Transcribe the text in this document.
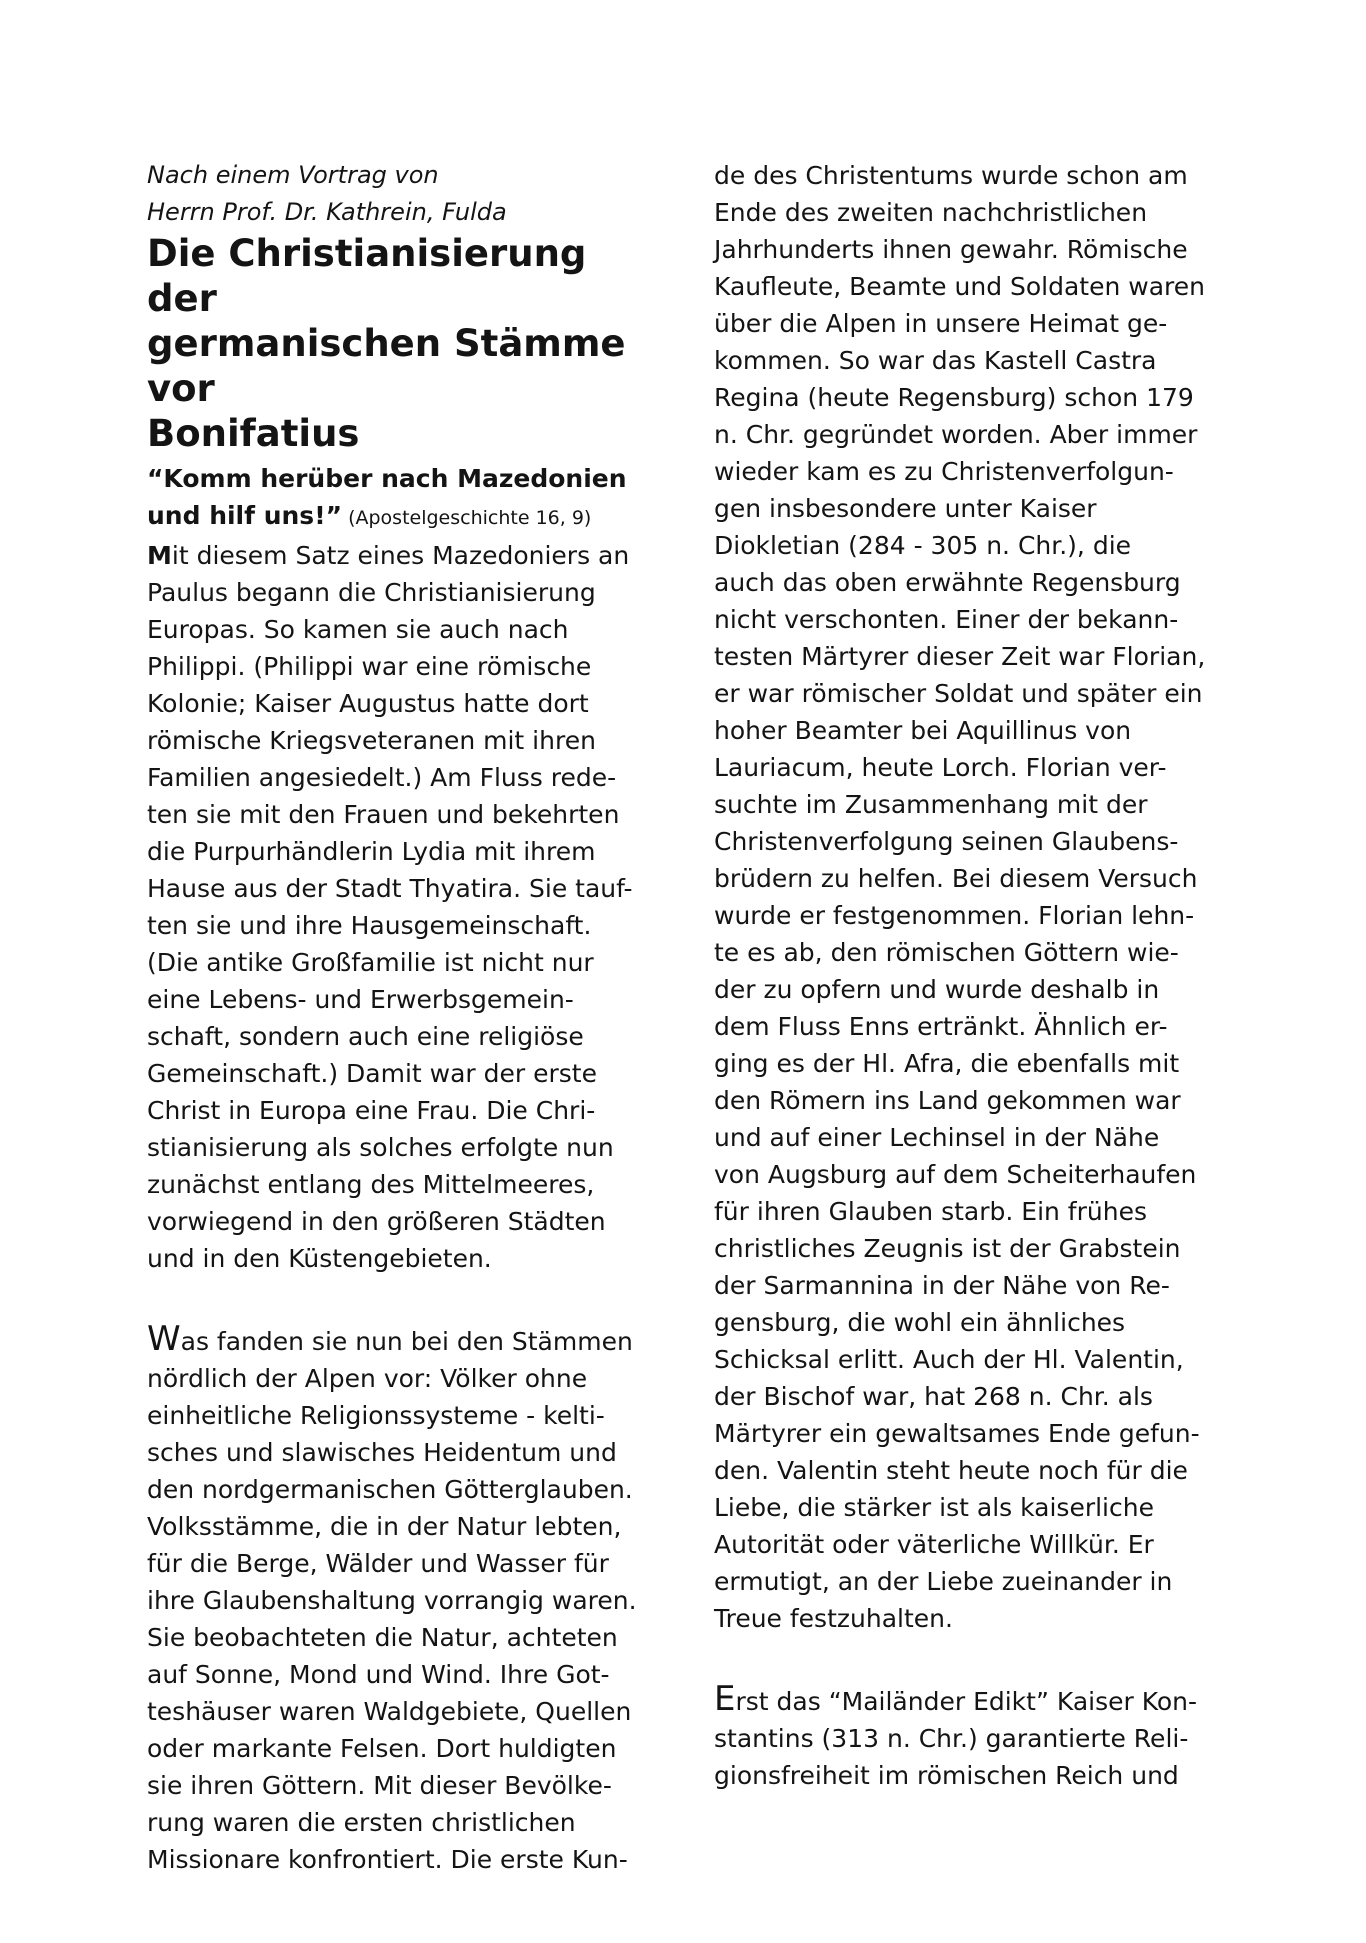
Nach einem Vortrag von
Herrn Prof. Dr. Kathrein, Fulda

Die Christianisierung der
germanischen Stämme vor
Bonifatius

“Komm herüber nach Mazedonien
und hilf uns!” (Apostelgeschichte 16, 9)
Mit diesem Satz eines Mazedoniers an
Paulus begann die Christianisierung
Europas. So kamen sie auch nach
Philippi. (Philippi war eine römische
Kolonie; Kaiser Augustus hatte dort
römische Kriegsveteranen mit ihren
Familien angesiedelt.) Am Fluss rede-
ten sie mit den Frauen und bekehrten
die Purpurhändlerin Lydia mit ihrem
Hause aus der Stadt Thyatira. Sie tauf-
ten sie und ihre Hausgemeinschaft.
(Die antike Großfamilie ist nicht nur
eine Lebens- und Erwerbsgemein-
schaft, sondern auch eine religiöse
Gemeinschaft.) Damit war der erste
Christ in Europa eine Frau. Die Chri-
stianisierung als solches erfolgte nun
zunächst entlang des Mittelmeeres,
vorwiegend in den größeren Städten
und in den Küstengebieten.

Was fanden sie nun bei den Stämmen
nördlich der Alpen vor: Völker ohne
einheitliche Religionssysteme - kelti-
sches und slawisches Heidentum und
den nordgermanischen Götterglauben.
Volksstämme, die in der Natur lebten,
für die Berge, Wälder und Wasser für
ihre Glaubenshaltung vorrangig waren.
Sie beobachteten die Natur, achteten
auf Sonne, Mond und Wind. Ihre Got-
teshäuser waren Waldgebiete, Quellen
oder markante Felsen. Dort huldigten
sie ihren Göttern. Mit dieser Bevölke-
rung waren die ersten christlichen
Missionare konfrontiert. Die erste Kun-

de des Christentums wurde schon am
Ende des zweiten nachchristlichen
Jahrhunderts ihnen gewahr. Römische
Kaufleute, Beamte und Soldaten waren
über die Alpen in unsere Heimat ge-
kommen. So war das Kastell Castra
Regina (heute Regensburg) schon 179
n. Chr. gegründet worden. Aber immer
wieder kam es zu Christenverfolgun-
gen insbesondere unter Kaiser
Diokletian (284 - 305 n. Chr.), die
auch das oben erwähnte Regensburg
nicht verschonten. Einer der bekann-
testen Märtyrer dieser Zeit war Florian,
er war römischer Soldat und später ein
hoher Beamter bei Aquillinus von
Lauriacum, heute Lorch. Florian ver-
suchte im Zusammenhang mit der
Christenverfolgung seinen Glaubens-
brüdern zu helfen. Bei diesem Versuch
wurde er festgenommen. Florian lehn-
te es ab, den römischen Göttern wie-
der zu opfern und wurde deshalb in
dem Fluss Enns ertränkt. Ähnlich er-
ging es der Hl. Afra, die ebenfalls mit
den Römern ins Land gekommen war
und auf einer Lechinsel in der Nähe
von Augsburg auf dem Scheiterhaufen
für ihren Glauben starb. Ein frühes
christliches Zeugnis ist der Grabstein
der Sarmannina in der Nähe von Re-
gensburg, die wohl ein ähnliches
Schicksal erlitt. Auch der Hl. Valentin,
der Bischof war, hat 268 n. Chr. als
Märtyrer ein gewaltsames Ende gefun-
den. Valentin steht heute noch für die
Liebe, die stärker ist als kaiserliche
Autorität oder väterliche Willkür. Er
ermutigt, an der Liebe zueinander in
Treue festzuhalten.

Erst das “Mailänder Edikt” Kaiser Kon-
stantins (313 n. Chr.) garantierte Reli-
gionsfreiheit im römischen Reich und
